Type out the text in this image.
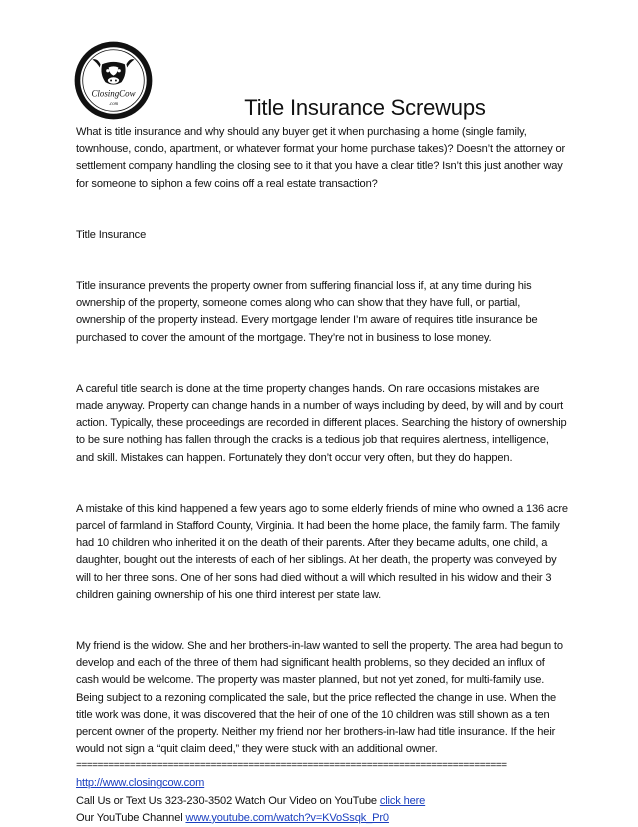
ClosingCow
.com	Title Insurance Screwups

What is title insurance and why should any buyer get it when purchasing a home (single family, townhouse, condo, apartment, or whatever format your home purchase takes)? Doesn’t the attorney or settlement company handling the closing see to it that you have a clear title? Isn’t this just another way for someone to siphon a few coins off a real estate transaction?

Title Insurance

Title insurance prevents the property owner from suffering financial loss if, at any time during his ownership of the property, someone comes along who can show that they have full, or partial, ownership of the property instead. Every mortgage lender I’m aware of requires title insurance be purchased to cover the amount of the mortgage. They’re not in business to lose money.

A careful title search is done at the time property changes hands. On rare occasions mistakes are made anyway. Property can change hands in a number of ways including by deed, by will and by court action. Typically, these proceedings are recorded in different places. Searching the history of ownership to be sure nothing has fallen through the cracks is a tedious job that requires alertness, intelligence, and skill. Mistakes can happen. Fortunately they don’t occur very often, but they do happen.

A mistake of this kind happened a few years ago to some elderly friends of mine who owned a 136 acre parcel of farmland in Stafford County, Virginia. It had been the home place, the family farm. The family had 10 children who inherited it on the death of their parents. After they became adults, one child, a daughter, bought out the interests of each of her siblings. At her death, the property was conveyed by will to her three sons. One of her sons had died without a will which resulted in his widow and their 3 children gaining ownership of his one third interest per state law.

My friend is the widow. She and her brothers-in-law wanted to sell the property. The area had begun to develop and each of the three of them had significant health problems, so they decided an influx of cash would be welcome. The property was master planned, but not yet zoned, for multi-family use. Being subject to a rezoning complicated the sale, but the price reflected the change in use. When the title work was done, it was discovered that the heir of one of the 10 children was still shown as a ten percent owner of the property. Neither my friend nor her brothers-in-law had title insurance. If the heir would not sign a “quit claim deed,” they were stuck with an additional owner.

================================================================================

http://www.closingcow.com

Call Us or Text Us 323-230-3502 Watch Our Video on YouTube click here

Our YouTube Channel www.youtube.com/watch?v=KVoSsqk_Pr0
